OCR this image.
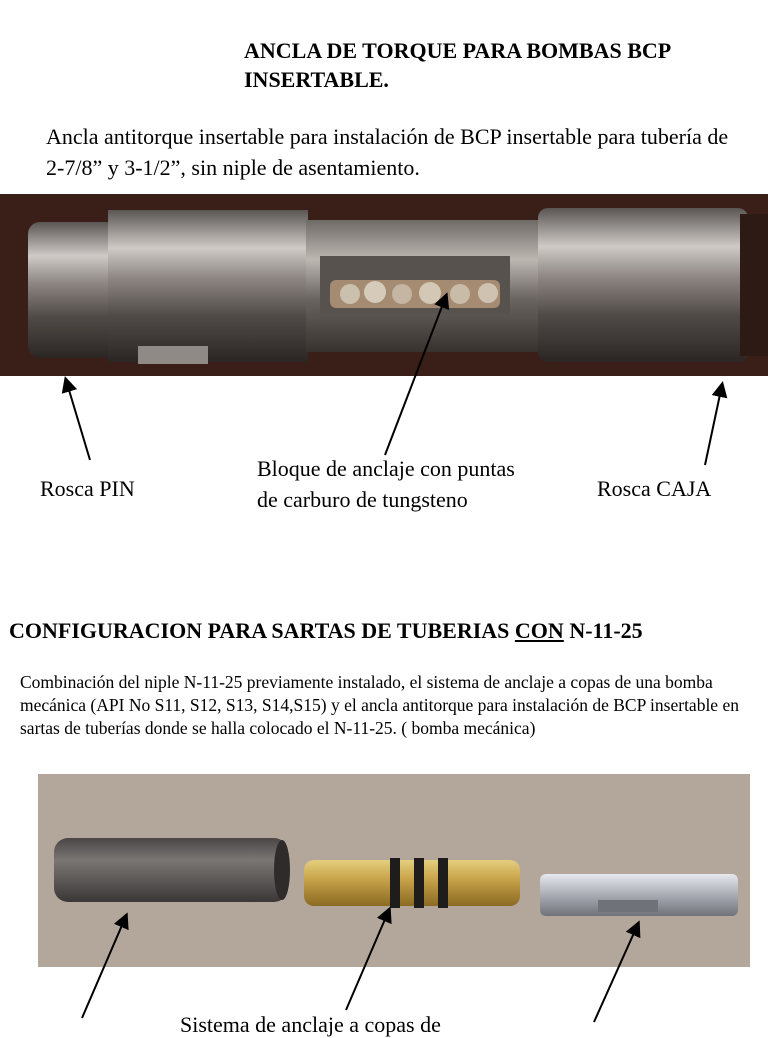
ANCLA DE TORQUE PARA BOMBAS BCP INSERTABLE.
Ancla antitorque insertable para instalación de BCP insertable para tubería de 2-7/8” y 3-1/2”, sin niple de asentamiento.
Rosca PIN
Bloque de anclaje con puntas de carburo de tungsteno	Rosca CAJA
CONFIGURACION PARA SARTAS DE TUBERIAS CON N-11-25
Combinación del niple N-11-25 previamente instalado, el sistema de anclaje a copas de una bomba mecánica (API No S11, S12, S13, S14,S15) y el ancla antitorque para instalación de BCP insertable en sartas de tuberías donde se halla colocado el N-11-25. ( bomba mecánica)
Sistema de anclaje a copas de
